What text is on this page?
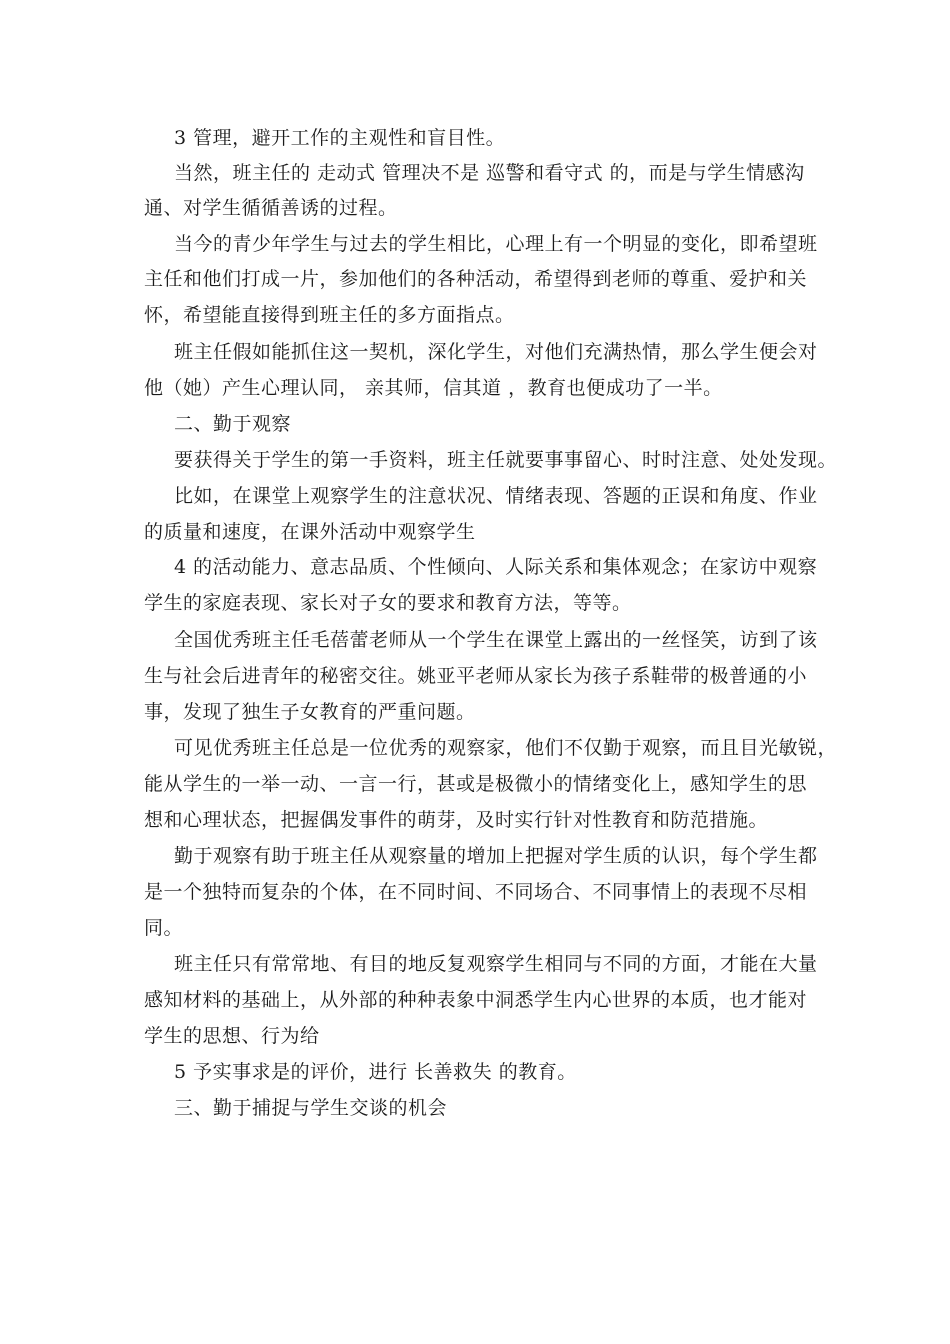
3 管理，避开工作的主观性和盲目性。
当然，班主任的 走动式 管理决不是 巡警和看守式 的，而是与学生情感沟
通、对学生循循善诱的过程。
当今的青少年学生与过去的学生相比，心理上有一个明显的变化，即希望班
主任和他们打成一片，参加他们的各种活动，希望得到老师的尊重、爱护和关
怀，希望能直接得到班主任的多方面指点。
班主任假如能抓住这一契机，深化学生，对他们充满热情，那么学生便会对
他（她）产生心理认同， 亲其师，信其道 ，教育也便成功了一半。
二、勤于观察
要获得关于学生的第一手资料，班主任就要事事留心、时时注意、处处发现。
比如，在课堂上观察学生的注意状况、情绪表现、答题的正误和角度、作业
的质量和速度，在课外活动中观察学生
4 的活动能力、意志品质、个性倾向、人际关系和集体观念；在家访中观察
学生的家庭表现、家长对子女的要求和教育方法，等等。
全国优秀班主任毛蓓蕾老师从一个学生在课堂上露出的一丝怪笑，访到了该
生与社会后进青年的秘密交往。姚亚平老师从家长为孩子系鞋带的极普通的小
事，发现了独生子女教育的严重问题。
可见优秀班主任总是一位优秀的观察家，他们不仅勤于观察，而且目光敏锐，
能从学生的一举一动、一言一行，甚或是极微小的情绪变化上，感知学生的思
想和心理状态，把握偶发事件的萌芽，及时实行针对性教育和防范措施。
勤于观察有助于班主任从观察量的增加上把握对学生质的认识，每个学生都
是一个独特而复杂的个体，在不同时间、不同场合、不同事情上的表现不尽相
同。
班主任只有常常地、有目的地反复观察学生相同与不同的方面，才能在大量
感知材料的基础上，从外部的种种表象中洞悉学生内心世界的本质，也才能对
学生的思想、行为给
5 予实事求是的评价，进行 长善救失 的教育。
三、勤于捕捉与学生交谈的机会
